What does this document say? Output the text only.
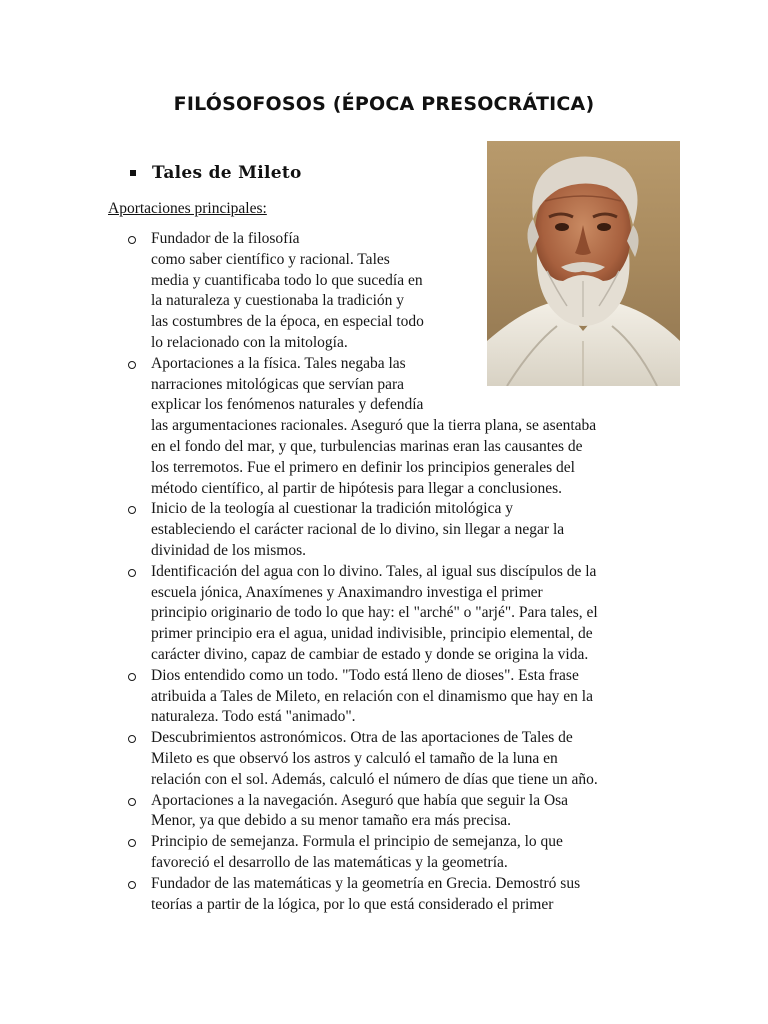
FILÓSOFOSOS (ÉPOCA PRESOCRÁTICA)
Tales de Mileto
Aportaciones principales:
Fundador de la filosofía
como saber científico y racional. Tales
media y cuantificaba todo lo que sucedía en
la naturaleza y cuestionaba la tradición y
las costumbres de la época, en especial todo
lo relacionado con la mitología.
Aportaciones a la física. Tales negaba las
narraciones mitológicas que servían para
explicar los fenómenos naturales y defendía
las argumentaciones racionales. Aseguró que la tierra plana, se asentaba
en el fondo del mar, y que, turbulencias marinas eran las causantes de
los terremotos. Fue el primero en definir los principios generales del
método científico, al partir de hipótesis para llegar a conclusiones.
Inicio de la teología al cuestionar la tradición mitológica y
estableciendo el carácter racional de lo divino, sin llegar a negar la
divinidad de los mismos.
Identificación del agua con lo divino. Tales, al igual sus discípulos de la
escuela jónica, Anaxímenes y Anaximandro investiga el primer
principio originario de todo lo que hay: el "arché" o "arjé". Para tales, el
primer principio era el agua, unidad indivisible, principio elemental, de
carácter divino, capaz de cambiar de estado y donde se origina la vida.
Dios entendido como un todo. "Todo está lleno de dioses". Esta frase
atribuida a Tales de Mileto, en relación con el dinamismo que hay en la
naturaleza. Todo está "animado".
Descubrimientos astronómicos. Otra de las aportaciones de Tales de
Mileto es que observó los astros y calculó el tamaño de la luna en
relación con el sol. Además, calculó el número de días que tiene un año.
Aportaciones a la navegación. Aseguró que había que seguir la Osa
Menor, ya que debido a su menor tamaño era más precisa.
Principio de semejanza. Formula el principio de semejanza, lo que
favoreció el desarrollo de las matemáticas y la geometría.
Fundador de las matemáticas y la geometría en Grecia. Demostró sus
teorías a partir de la lógica, por lo que está considerado el primer
